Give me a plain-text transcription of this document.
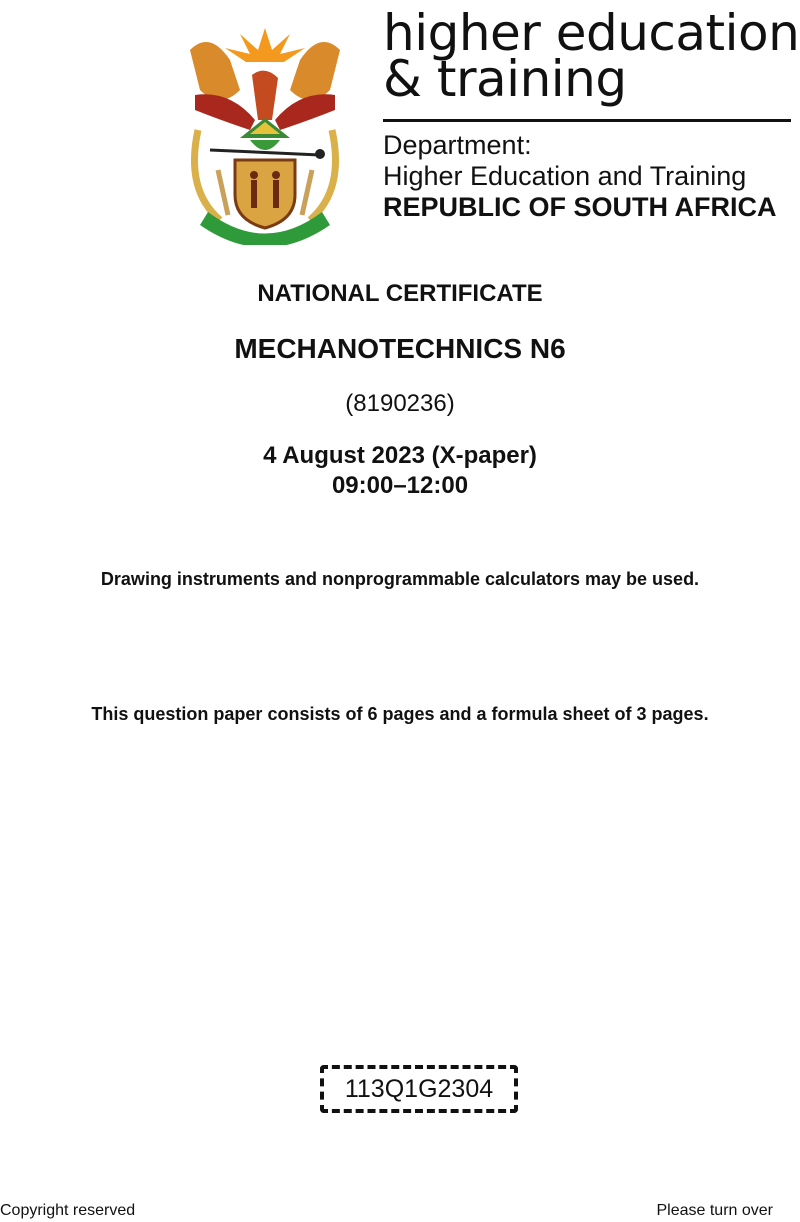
higher education
& training
Department:
Higher Education and Training
REPUBLIC OF SOUTH AFRICA
NATIONAL CERTIFICATE
MECHANOTECHNICS N6
(8190236)
4 August 2023 (X-paper)
09:00–12:00
Drawing instruments and nonprogrammable calculators may be used.
This question paper consists of 6 pages and a formula sheet of 3 pages.
113Q1G2304
Copyright reserved	Please turn over
